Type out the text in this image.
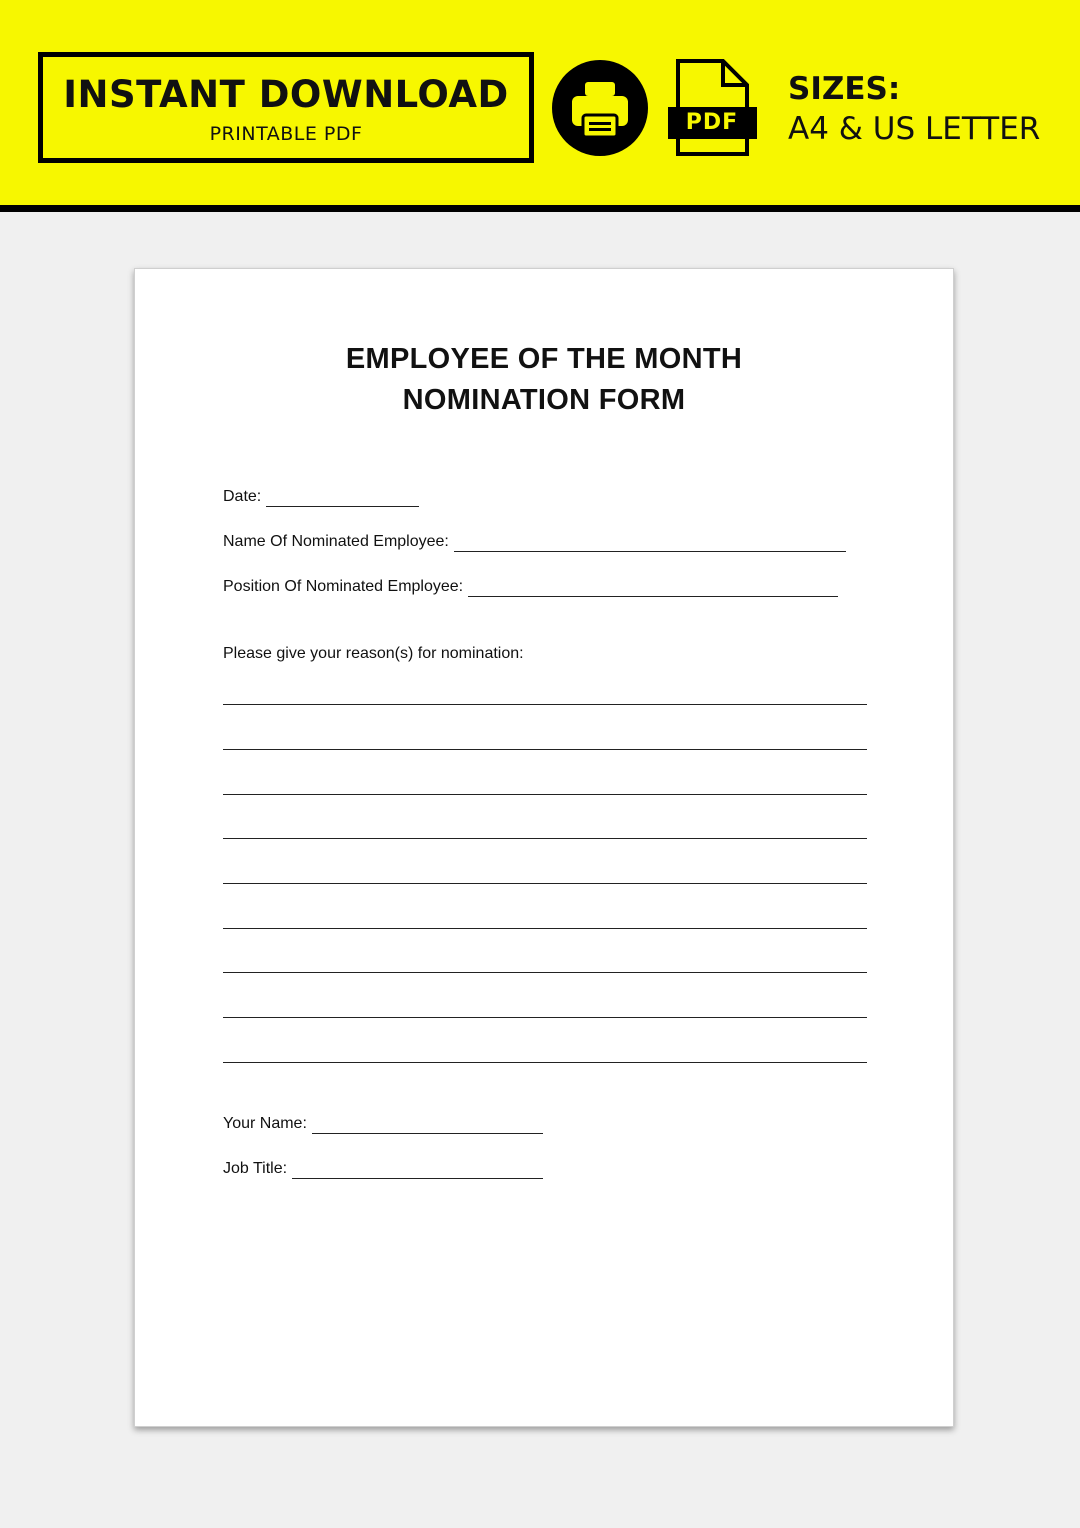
INSTANT DOWNLOAD
PRINTABLE PDF	PDF
SIZES:
A4 & US LETTER
EMPLOYEE OF THE MONTH
NOMINATION FORM
Date:
Name Of Nominated Employee:
Position Of Nominated Employee:
Please give your reason(s) for nomination:
Your Name:
Job Title:
